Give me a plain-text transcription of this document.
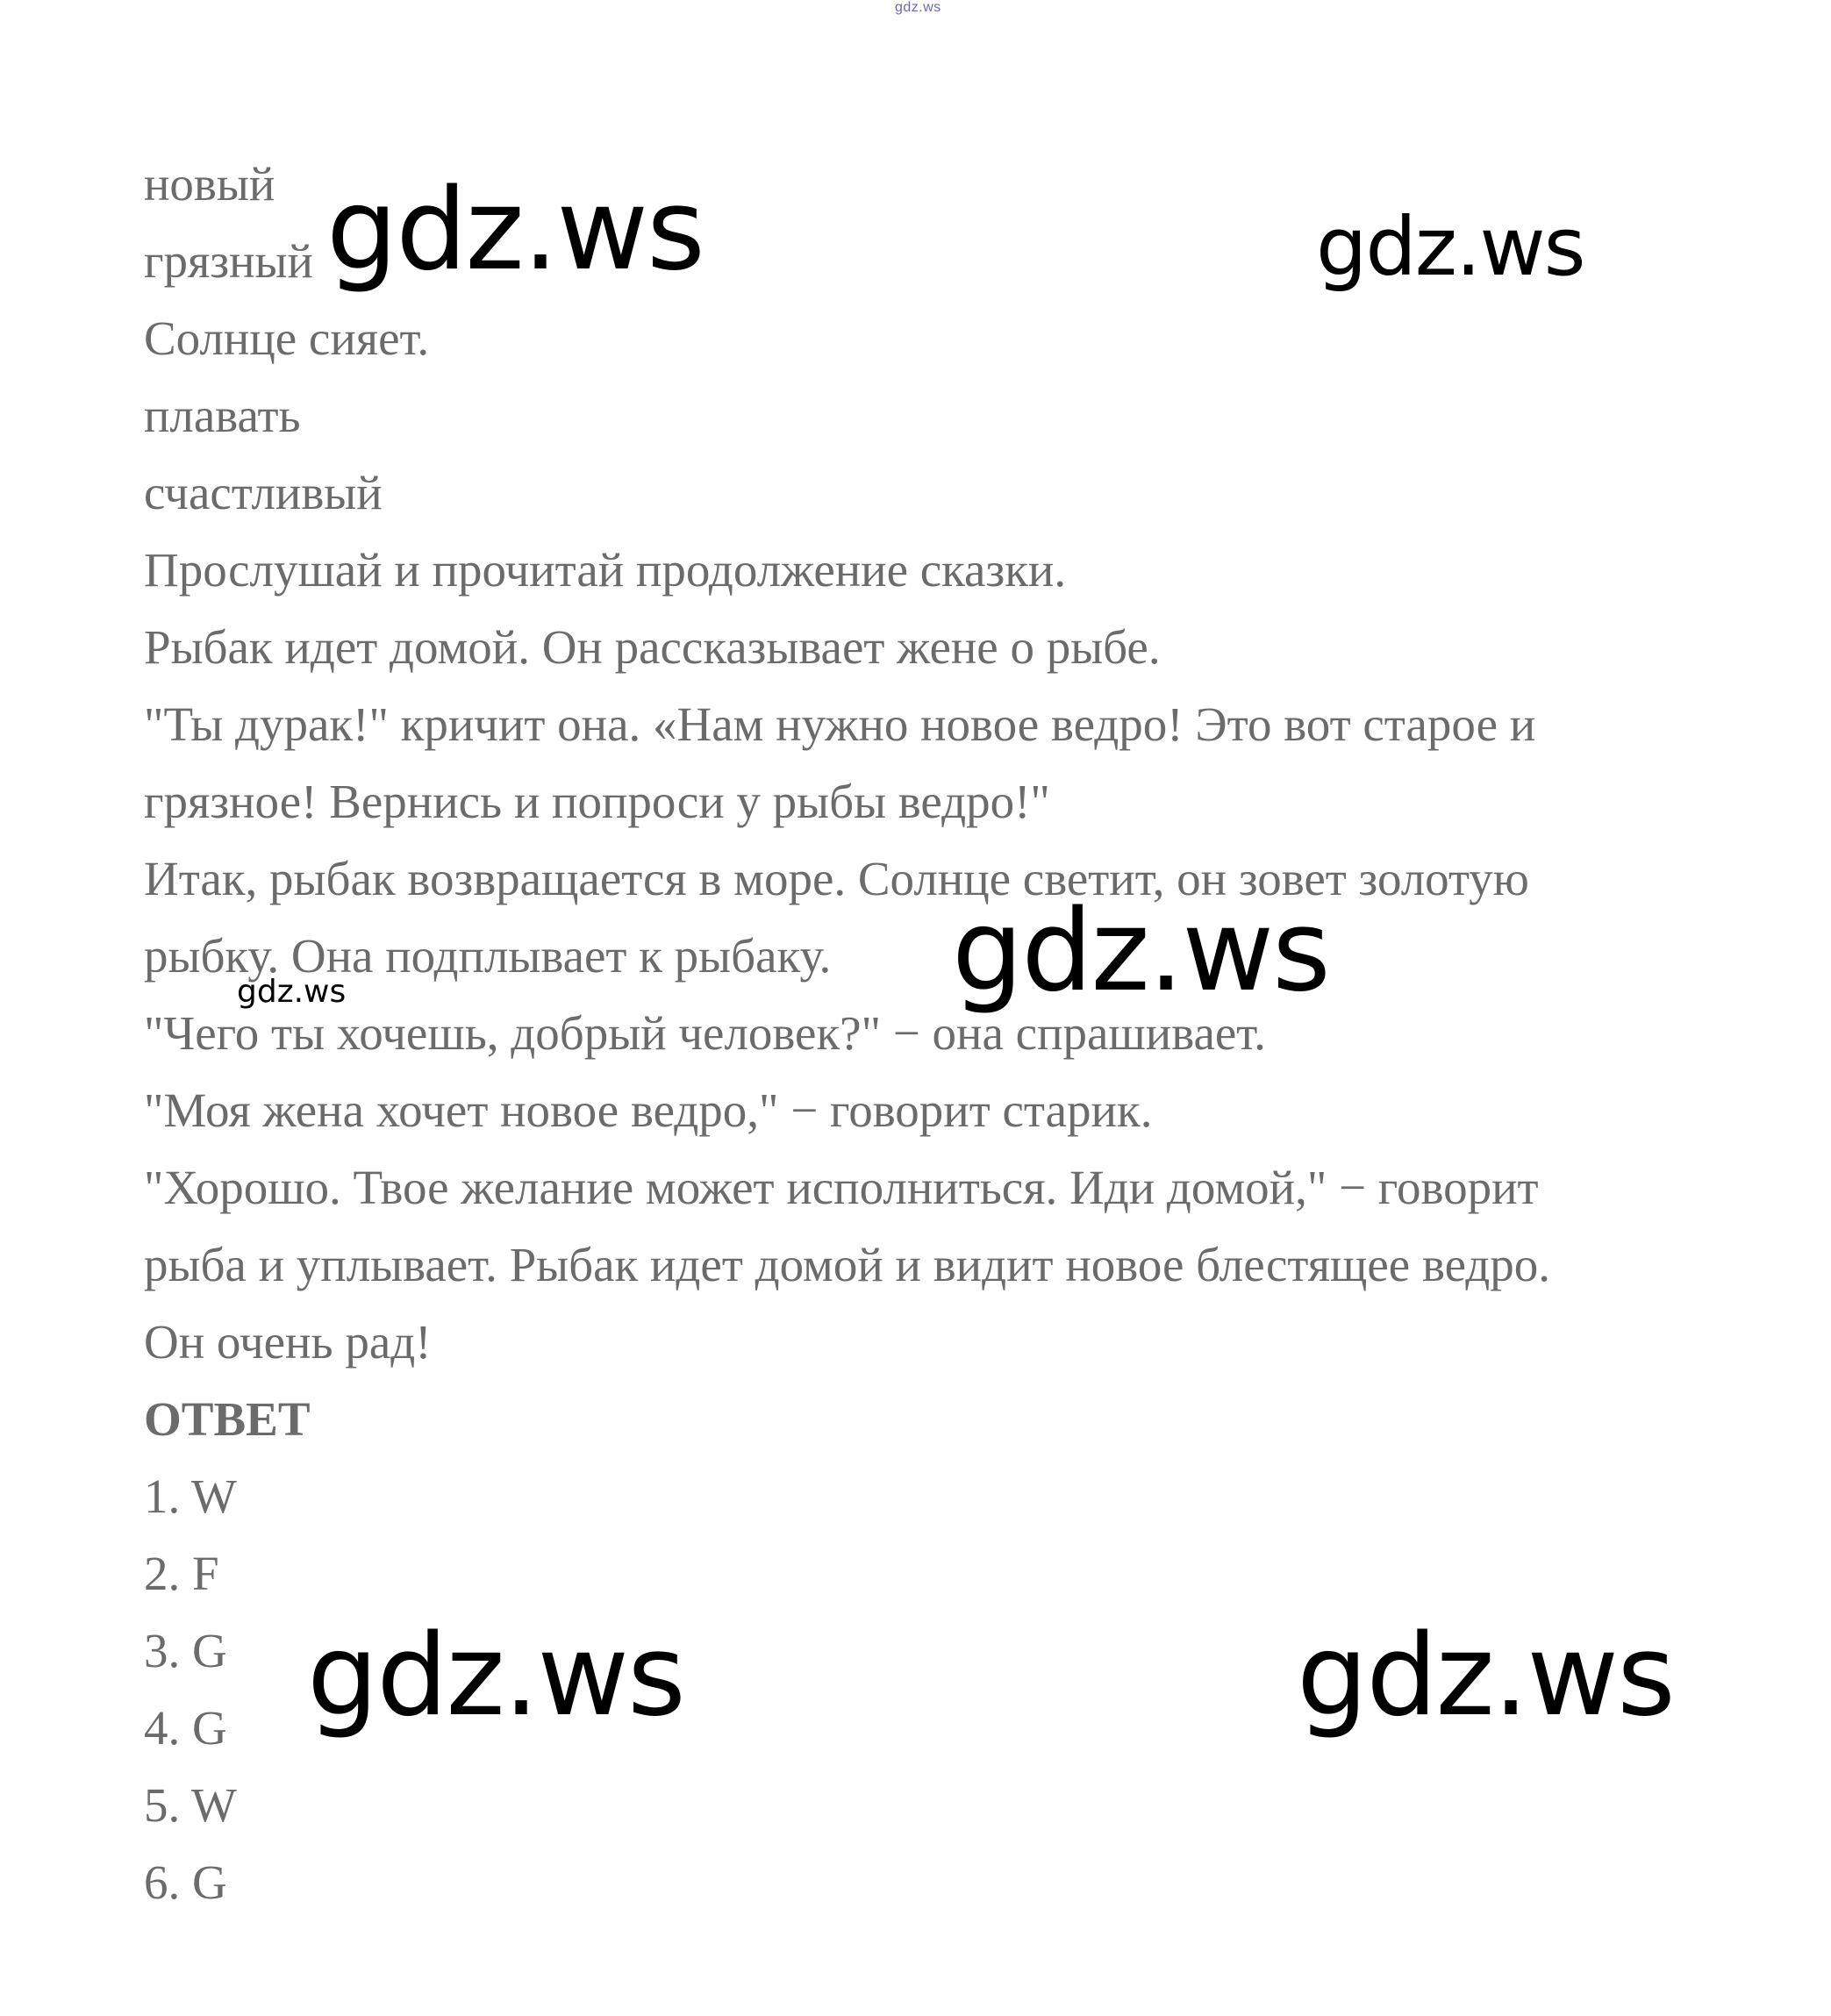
gdz.ws

новый

грязный

Солнце сияет.

плавать

счастливый

Прослушай и прочитай продолжение сказки.

Рыбак идет домой. Он рассказывает жене о рыбе.

"Ты дурак!" кричит она. «Нам нужно новое ведро! Это вот старое и

грязное! Вернись и попроси у рыбы ведро!"

Итак, рыбак возвращается в море. Солнце светит, он зовет золотую

рыбку. Она подплывает к рыбаку.

"Чего ты хочешь, добрый человек?" − она спрашивает.

"Моя жена хочет новое ведро," − говорит старик.

"Хорошо. Твое желание может исполниться. Иди домой," − говорит

рыба и уплывает. Рыбак идет домой и видит новое блестящее ведро.

Он очень рад!

ОТВЕТ

1. W

2. F

3. G

4. G

5. W

6. G

gdz.ws	gdz.ws
gdz.ws
gdz.ws
gdz.ws	gdz.ws
